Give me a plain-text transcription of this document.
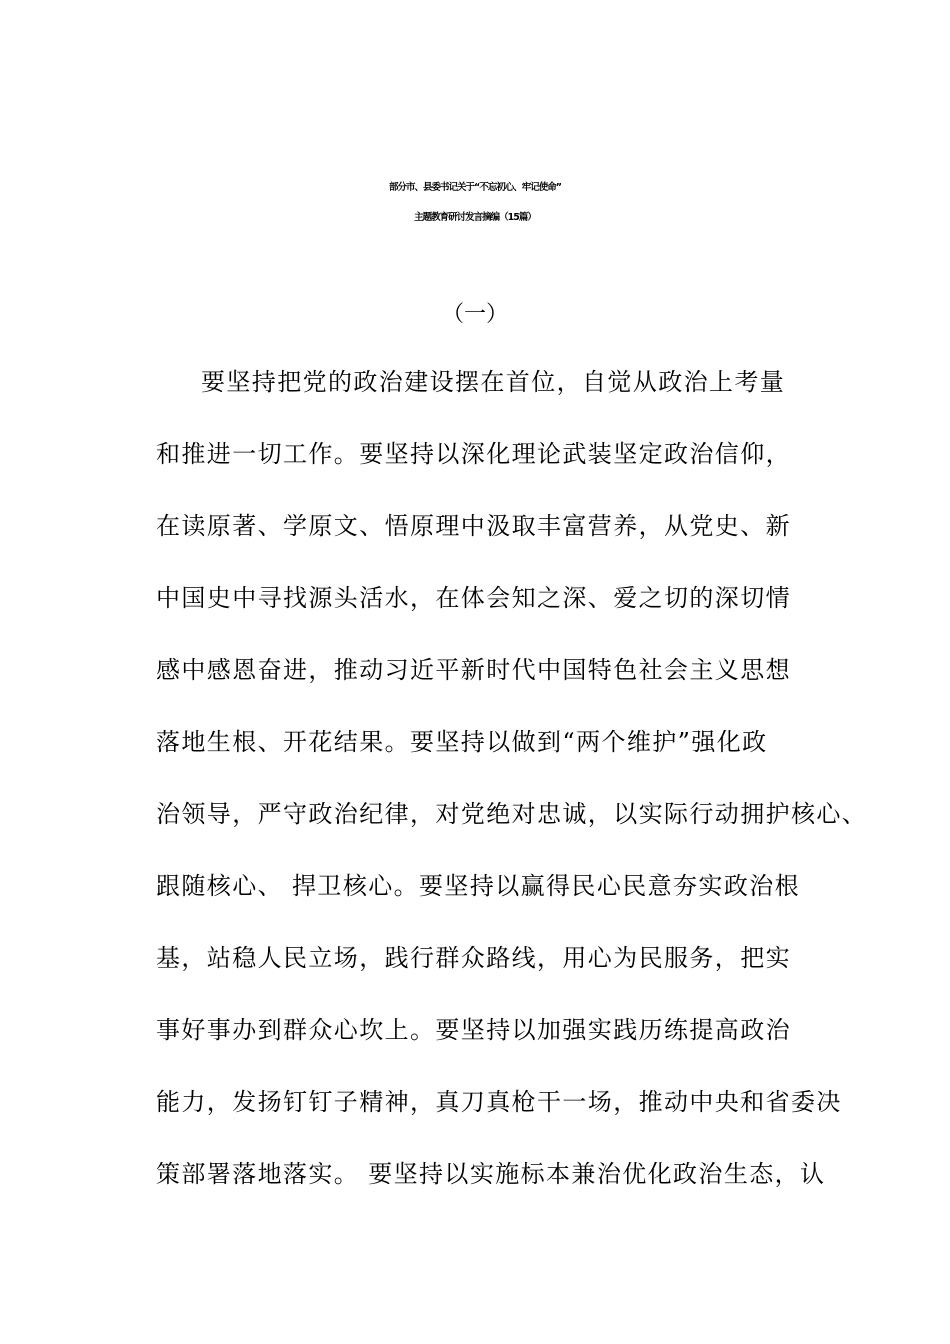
部分市、县委书记关于“不忘初心、牢记使命”
主题教育研讨发言摘编（15篇）
（一）
要坚持把党的政治建设摆在首位，自觉从政治上考量
和推进一切工作。要坚持以深化理论武装坚定政治信仰，
在读原著、学原文、悟原理中汲取丰富营养，从党史、新
中国史中寻找源头活水，在体会知之深、爱之切的深切情
感中感恩奋进，推动习近平新时代中国特色社会主义思想
落地生根、开花结果。要坚持以做到“两个维护”强化政
治领导，严守政治纪律，对党绝对忠诚，以实际行动拥护核心、
跟随核心、 捍卫核心。要坚持以赢得民心民意夯实政治根
基，站稳人民立场，践行群众路线，用心为民服务，把实
事好事办到群众心坎上。要坚持以加强实践历练提高政治
能力，发扬钉钉子精神，真刀真枪干一场，推动中央和省委决
策部署落地落实。 要坚持以实施标本兼治优化政治生态，认
